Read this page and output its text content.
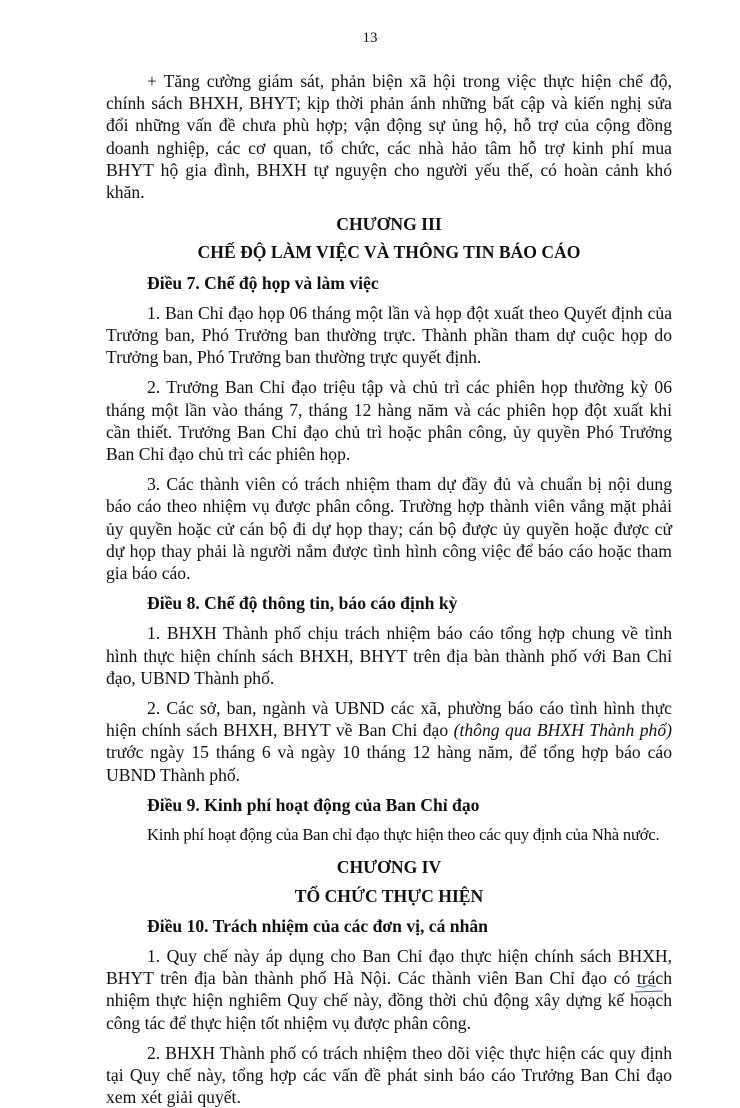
13

+ Tăng cường giám sát, phản biện xã hội trong việc thực hiện chế độ, chính sách BHXH, BHYT; kịp thời phản ánh những bất cập và kiến nghị sửa đổi những vấn đề chưa phù hợp; vận động sự ủng hộ, hỗ trợ của cộng đồng doanh nghiệp, các cơ quan, tổ chức, các nhà hảo tâm hỗ trợ kinh phí mua BHYT hộ gia đình, BHXH tự nguyện cho người yếu thế, có hoàn cảnh khó khăn.

CHƯƠNG III
CHẾ ĐỘ LÀM VIỆC VÀ THÔNG TIN BÁO CÁO

Điều 7. Chế độ họp và làm việc

1. Ban Chỉ đạo họp 06 tháng một lần và họp đột xuất theo Quyết định của Trưởng ban, Phó Trưởng ban thường trực. Thành phần tham dự cuộc họp do Trưởng ban, Phó Trưởng ban thường trực quyết định.

2. Trưởng Ban Chỉ đạo triệu tập và chủ trì các phiên họp thường kỳ 06 tháng một lần vào tháng 7, tháng 12 hàng năm và các phiên họp đột xuất khi cần thiết. Trưởng Ban Chỉ đạo chủ trì hoặc phân công, ủy quyền Phó Trưởng Ban Chỉ đạo chủ trì các phiên họp.

3. Các thành viên có trách nhiệm tham dự đầy đủ và chuẩn bị nội dung báo cáo theo nhiệm vụ được phân công. Trường hợp thành viên vắng mặt phải ủy quyền hoặc cử cán bộ đi dự họp thay; cán bộ được ủy quyền hoặc được cử dự họp thay phải là người nắm được tình hình công việc để báo cáo hoặc tham gia báo cáo.

Điều 8. Chế độ thông tin, báo cáo định kỳ

1. BHXH Thành phố chịu trách nhiệm báo cáo tổng hợp chung về tình hình thực hiện chính sách BHXH, BHYT trên địa bàn thành phố với Ban Chỉ đạo, UBND Thành phố.

2. Các sở, ban, ngành và UBND các xã, phường báo cáo tình hình thực hiện chính sách BHXH, BHYT về Ban Chỉ đạo (thông qua BHXH Thành phố) trước ngày 15 tháng 6 và ngày 10 tháng 12 hàng năm, để tổng hợp báo cáo UBND Thành phố.

Điều 9. Kinh phí hoạt động của Ban Chỉ đạo

Kinh phí hoạt động của Ban chỉ đạo thực hiện theo các quy định của Nhà nước.

CHƯƠNG IV
TỔ CHỨC THỰC HIỆN

Điều 10. Trách nhiệm của các đơn vị, cá nhân

1. Quy chế này áp dụng cho Ban Chỉ đạo thực hiện chính sách BHXH, BHYT trên địa bàn thành phố Hà Nội. Các thành viên Ban Chỉ đạo có trách nhiệm thực hiện nghiêm Quy chế này, đồng thời chủ động xây dựng kế hoạch công tác để thực hiện tốt nhiệm vụ được phân công.

2. BHXH Thành phố có trách nhiệm theo dõi việc thực hiện các quy định tại Quy chế này, tổng hợp các vấn đề phát sinh báo cáo Trưởng Ban Chỉ đạo xem xét giải quyết.
